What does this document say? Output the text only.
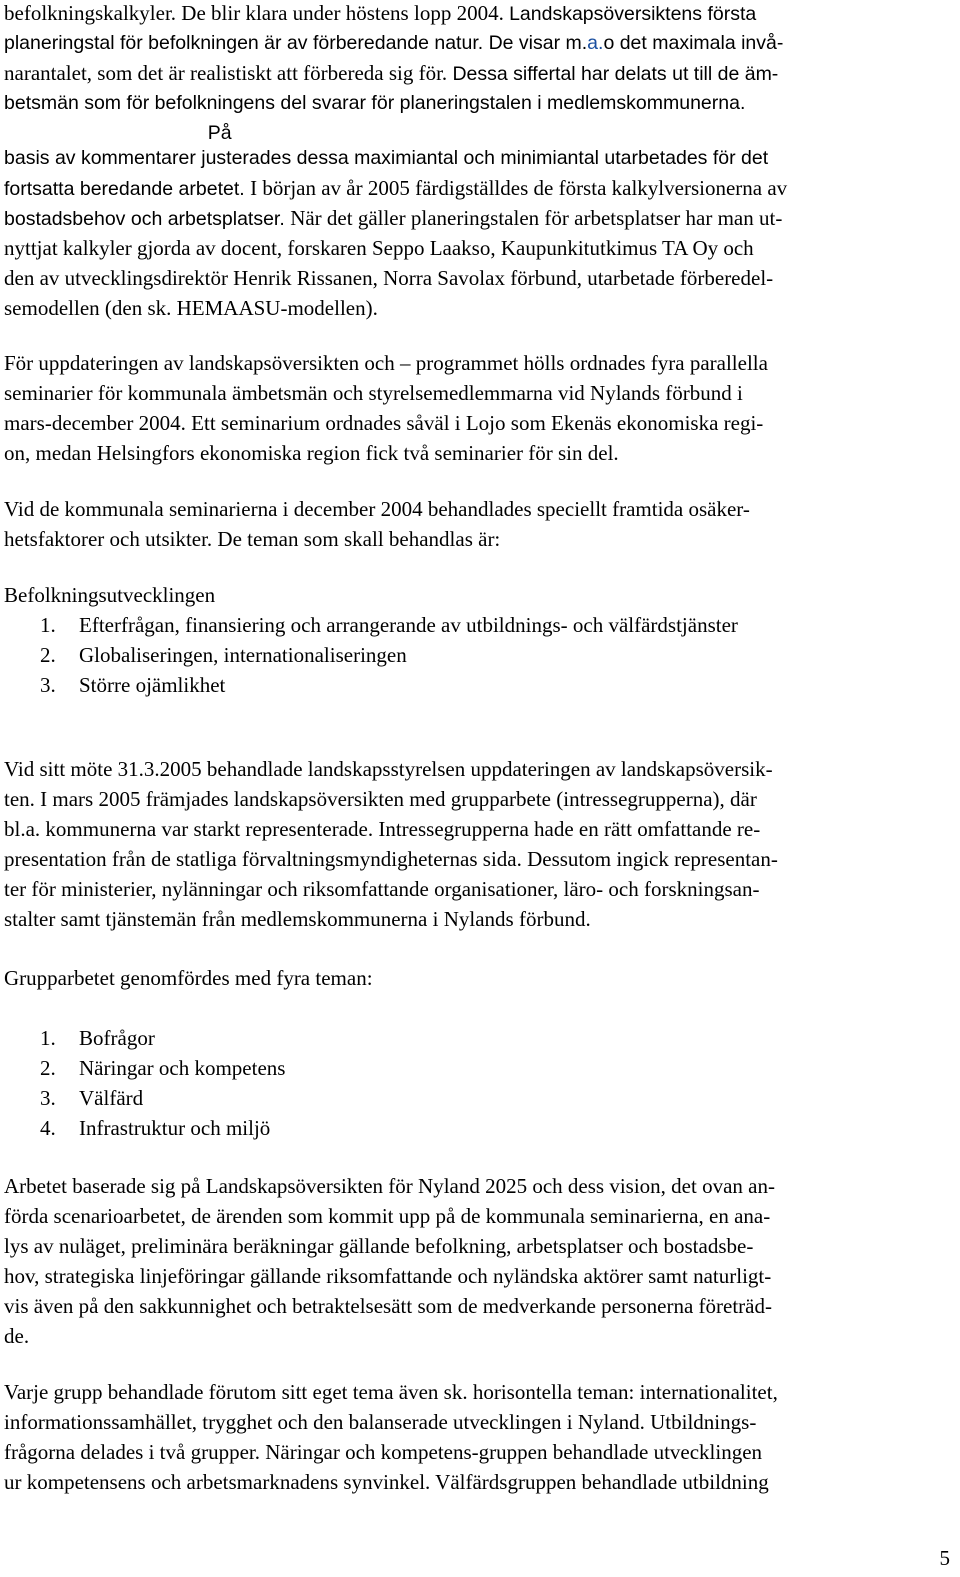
befolkningskalkyler. De blir klara under höstens lopp 2004. Landskapsöversiktens första
planeringstal för befolkningen är av förberedande natur. De visar m.a.o det maximala invå-
narantalet, som det är realistiskt att förbereda sig för. Dessa siffertal har delats ut till de äm-
betsmän som för befolkningens del svarar för planeringstalen i medlemskommunerna.
På
basis av kommentarer justerades dessa maximiantal och minimiantal utarbetades för det
fortsatta beredande arbetet. I början av år 2005 färdigställdes de första kalkylversionerna av
bostadsbehov och arbetsplatser. När det gäller planeringstalen för arbetsplatser har man ut-
nyttjat kalkyler gjorda av docent, forskaren Seppo Laakso, Kaupunkitutkimus TA Oy och
den av utvecklingsdirektör Henrik Rissanen, Norra Savolax förbund, utarbetade förberedel-
semodellen (den sk. HEMAASU-modellen).
För uppdateringen av landskapsöversikten och – programmet hölls ordnades fyra parallella
seminarier för kommunala ämbetsmän och styrelsemedlemmarna vid Nylands förbund i
mars-december 2004. Ett seminarium ordnades såväl i Lojo som Ekenäs ekonomiska regi-
on, medan Helsingfors ekonomiska region fick två seminarier för sin del.
Vid de kommunala seminarierna i december 2004 behandlades speciellt framtida osäker-
hetsfaktorer och utsikter. De teman som skall behandlas är:
Befolkningsutvecklingen
1. Efterfrågan, finansiering och arrangerande av utbildnings- och välfärdstjänster
2. Globaliseringen, internationaliseringen
3. Större ojämlikhet
Vid sitt möte 31.3.2005 behandlade landskapsstyrelsen uppdateringen av landskapsöversik-
ten. I mars 2005 främjades landskapsöversikten med grupparbete (intressegrupperna), där
bl.a. kommunerna var starkt representerade. Intressegrupperna hade en rätt omfattande re-
presentation från de statliga förvaltningsmyndigheternas sida. Dessutom ingick representan-
ter för ministerier, nylänningar och riksomfattande organisationer, läro- och forskningsan-
stalter samt tjänstemän från medlemskommunerna i Nylands förbund.
Grupparbetet genomfördes med fyra teman:
1. Bofrågor
2. Näringar och kompetens
3. Välfärd
4. Infrastruktur och miljö
Arbetet baserade sig på Landskapsöversikten för Nyland 2025 och dess vision, det ovan an-
förda scenarioarbetet, de ärenden som kommit upp på de kommunala seminarierna, en ana-
lys av nuläget, preliminära beräkningar gällande befolkning, arbetsplatser och bostadsbe-
hov, strategiska linjeföringar gällande riksomfattande och nyländska aktörer samt naturligt-
vis även på den sakkunnighet och betraktelsesätt som de medverkande personerna företräd-
de.
Varje grupp behandlade förutom sitt eget tema även sk. horisontella teman: internationalitet,
informationssamhället, trygghet och den balanserade utvecklingen i Nyland. Utbildnings-
frågorna delades i två grupper. Näringar och kompetens-gruppen behandlade utvecklingen
ur kompetensens och arbetsmarknadens synvinkel. Välfärdsgruppen behandlade utbildning
5
